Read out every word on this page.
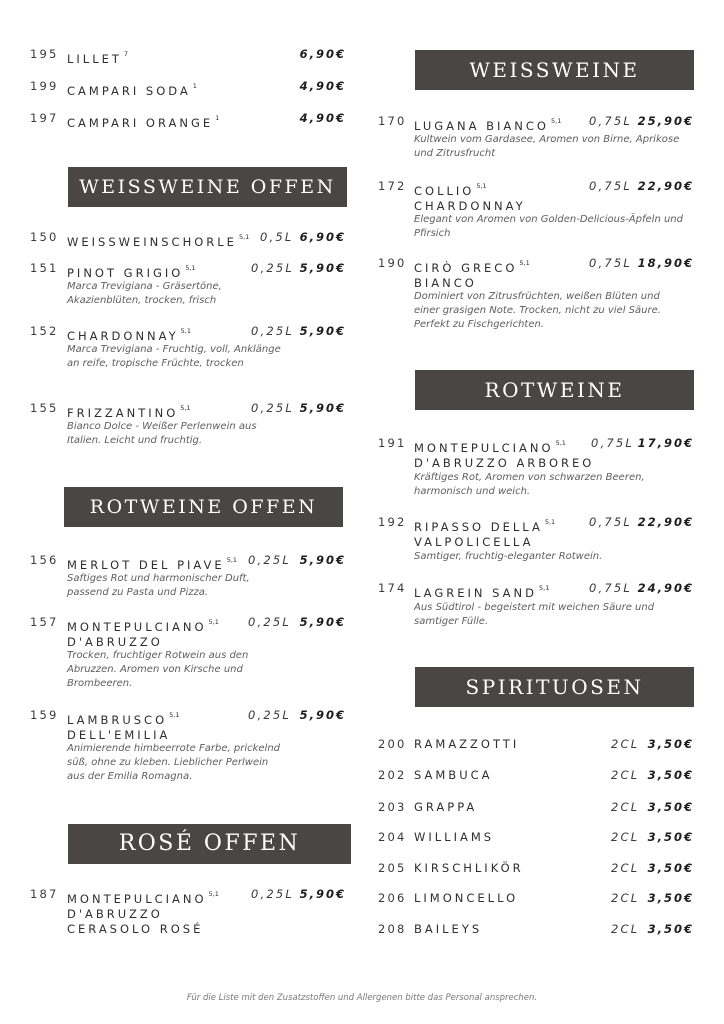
195 LILLET $^7$	6,90€
199 CAMPARI SODA $^1$	4,90€
197 CAMPARI ORANGE $^1$	4,90€
WEISSWEINE OFFEN
150 WEISSWEINSCHORLE $^{5,1}$ 0,5L 6,90€
151 PINOT GRIGIO $^{5,1}$	0,25L 5,90€
Marca Trevigiana - Gräsertöne, Akazienblüten, trocken, frisch
152 CHARDONNAY $^{5,1}$	0,25L 5,90€
Marca Trevigiana - Fruchtig, voll, Anklänge an reife, tropische Früchte, trocken
155 FRIZZANTINO $^{5,1}$	0,25L 5,90€
Bianco Dolce - Weißer Perlenwein aus Italien. Leicht und fruchtig.
ROTWEINE OFFEN
156 MERLOT DEL PIAVE $^{5,1}$ 0,25L 5,90€
Saftiges Rot und harmonischer Duft, passend zu Pasta und Pizza.
157 MONTEPULCIANO $^{5,1}$
D'ABRUZZO
0,25L 5,90€
Trocken, fruchtiger Rotwein aus den Abruzzen. Aromen von Kirsche und Brombeeren.
159 LAMBRUSCO $^{5,1}$
DELL'EMILIA
0,25L 5,90€
Animierende himbeerrote Farbe, prickelnd süß, ohne zu kleben. Lieblicher Perlwein aus der Emilia Romagna.
ROSÉ OFFEN
187 MONTEPULCIANO $^{5,1}$
D'ABRUZZO
CERASOLO ROSÉ
0,25L 5,90€
WEISSWEINE
170 LUGANA BIANCO $^{5,1}$ 0,75L 25,90€
Kultwein vom Gardasee, Aromen von Birne, Aprikose und Zitrusfrucht
172 COLLIO $^{5,1}$
CHARDONNAY
0,75L 22,90€
Elegant von Aromen von Golden-Delicious-Äpfeln und Pfirsich
190 CIRÒ GRECO $^{5,1}$
BIANCO
0,75L 18,90€
Dominiert von Zitrusfrüchten, weißen Blüten und einer grasigen Note. Trocken, nicht zu viel Säure. Perfekt zu Fischgerichten.
ROTWEINE
191 MONTEPULCIANO $^{5,1}$
D'ABRUZZO ARBOREO
0,75L 17,90€
Kräftiges Rot, Aromen von schwarzen Beeren, harmonisch und weich.
192 RIPASSO DELLA $^{5,1}$
VALPOLICELLA
0,75L 22,90€
Samtiger, fruchtig-eleganter Rotwein.
174 LAGREIN SAND $^{5,1}$	0,75L 24,90€
Aus Südtirol - begeistert mit weichen Säure und samtiger Fülle.
SPIRITUOSEN
200 RAMAZZOTTI	2CL 3,50€
202 SAMBUCA	2CL 3,50€
203 GRAPPA	2CL 3,50€
204 WILLIAMS	2CL 3,50€
205 KIRSCHLIKÖR	2CL 3,50€
206 LIMONCELLO	2CL 3,50€
208 BAILEYS	2CL 3,50€
Für die Liste mit den Zusatzstoffen und Allergenen bitte das Personal ansprechen.
